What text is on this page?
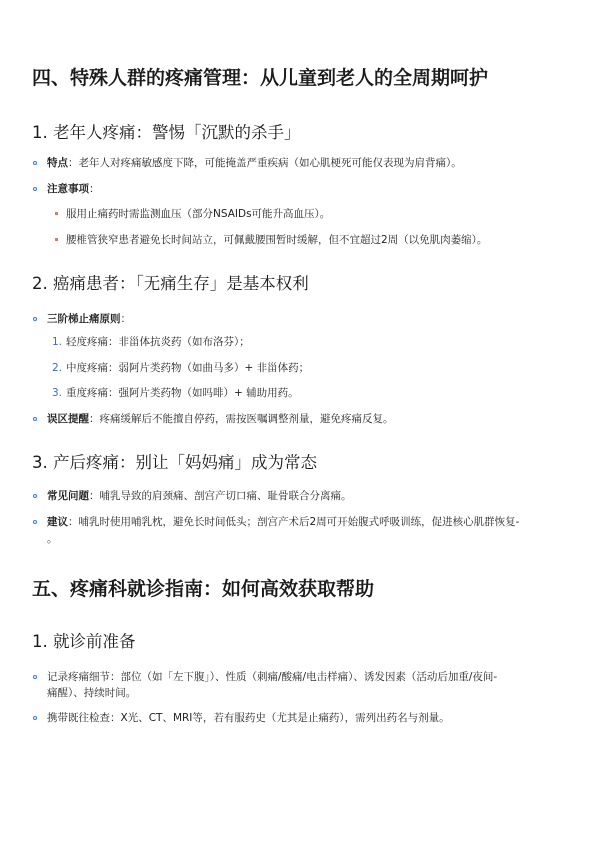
四、特殊人群的疼痛管理：从儿童到老人的全周期呵护
1. 老年人疼痛：警惕「沉默的杀手」
特点：老年人对疼痛敏感度下降，可能掩盖严重疾病（如心肌梗死可能仅表现为肩背痛）。
注意事项：
服用止痛药时需监测血压（部分NSAIDs可能升高血压）。
腰椎管狭窄患者避免长时间站立，可佩戴腰围暂时缓解，但不宜超过2周（以免肌肉萎缩）。
2. 癌痛患者：「无痛生存」是基本权利
三阶梯止痛原则：
1. 轻度疼痛：非甾体抗炎药（如布洛芬）；
2. 中度疼痛：弱阿片类药物（如曲马多）+ 非甾体药；
3. 重度疼痛：强阿片类药物（如吗啡）+ 辅助用药。
误区提醒：疼痛缓解后不能擅自停药，需按医嘱调整剂量，避免疼痛反复。
3. 产后疼痛：别让「妈妈痛」成为常态
常见问题：哺乳导致的肩颈痛、剖宫产切口痛、耻骨联合分离痛。
建议：哺乳时使用哺乳枕，避免长时间低头；剖宫产术后2周可开始腹式呼吸训练，促进核心肌群恢复-
。
五、疼痛科就诊指南：如何高效获取帮助
1. 就诊前准备
记录疼痛细节：部位（如「左下腹」）、性质（刺痛/酸痛/电击样痛）、诱发因素（活动后加重/夜间-
痛醒）、持续时间。
携带既往检查：X光、CT、MRI等，若有服药史（尤其是止痛药），需列出药名与剂量。
